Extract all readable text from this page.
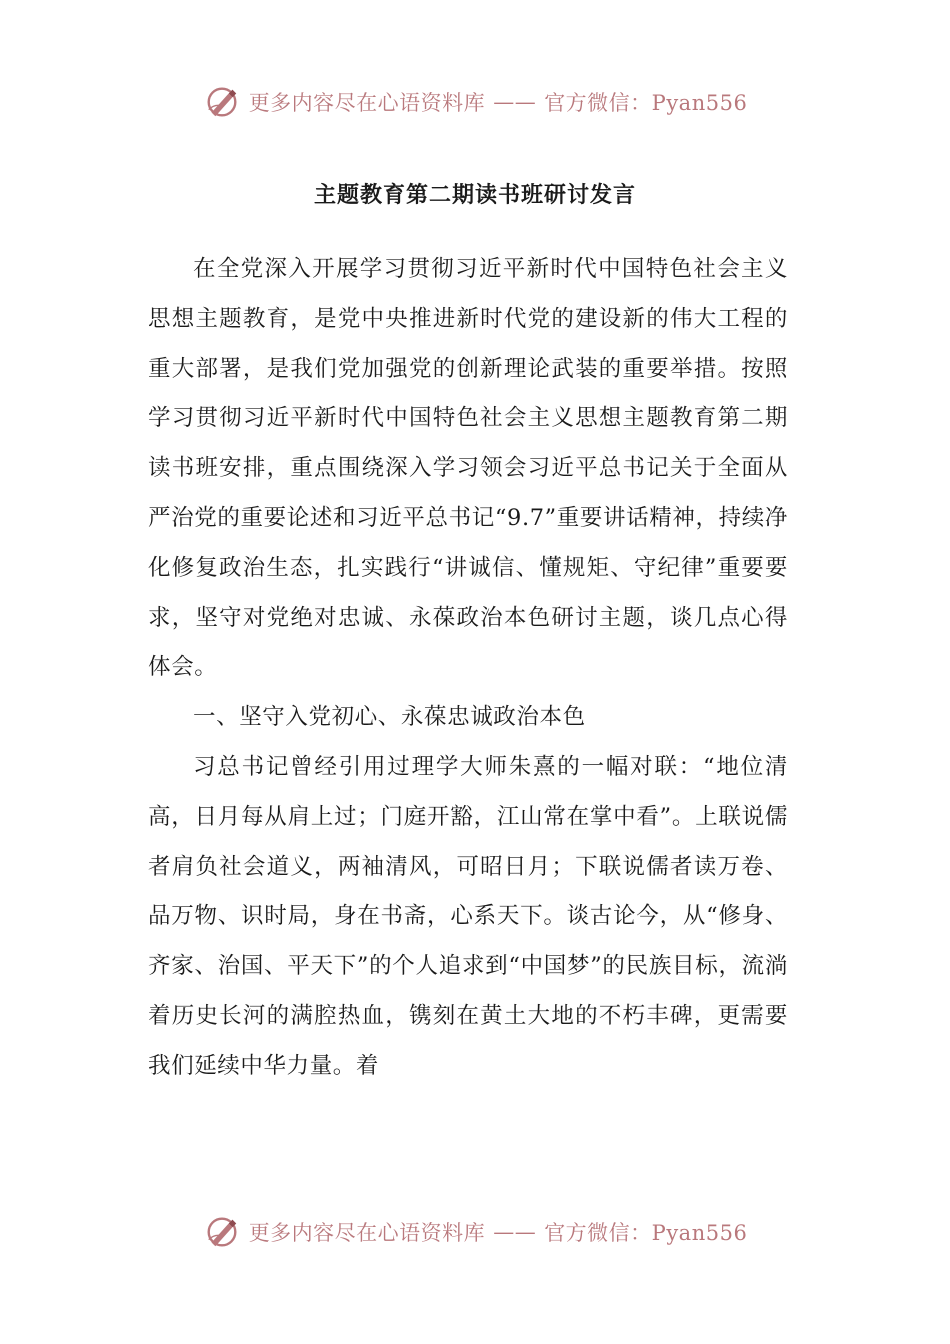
更多内容尽在心语资料库 —— 官方微信：Pyan556
主题教育第二期读书班研讨发言

在全党深入开展学习贯彻习近平新时代中国特色社会主义思想主题教育，是党中央推进新时代党的建设新的伟大工程的重大部署，是我们党加强党的创新理论武装的重要举措。按照学习贯彻习近平新时代中国特色社会主义思想主题教育第二期读书班安排，重点围绕深入学习领会习近平总书记关于全面从严治党的重要论述和习近平总书记“9.7”重要讲话精神，持续净化修复政治生态，扎实践行“讲诚信、懂规矩、守纪律”重要要求，坚守对党绝对忠诚、永葆政治本色研讨主题，谈几点心得体会。

一、坚守入党初心、永葆忠诚政治本色

习总书记曾经引用过理学大师朱熹的一幅对联：“地位清高，日月每从肩上过；门庭开豁，江山常在掌中看”。上联说儒者肩负社会道义，两袖清风，可昭日月；下联说儒者读万卷、品万物、识时局，身在书斋，心系天下。谈古论今，从“修身、齐家、治国、平天下”的个人追求到“中国梦”的民族目标，流淌着历史长河的满腔热血，镌刻在黄土大地的不朽丰碑，更需要我们延续中华力量。着

更多内容尽在心语资料库 —— 官方微信：Pyan556
